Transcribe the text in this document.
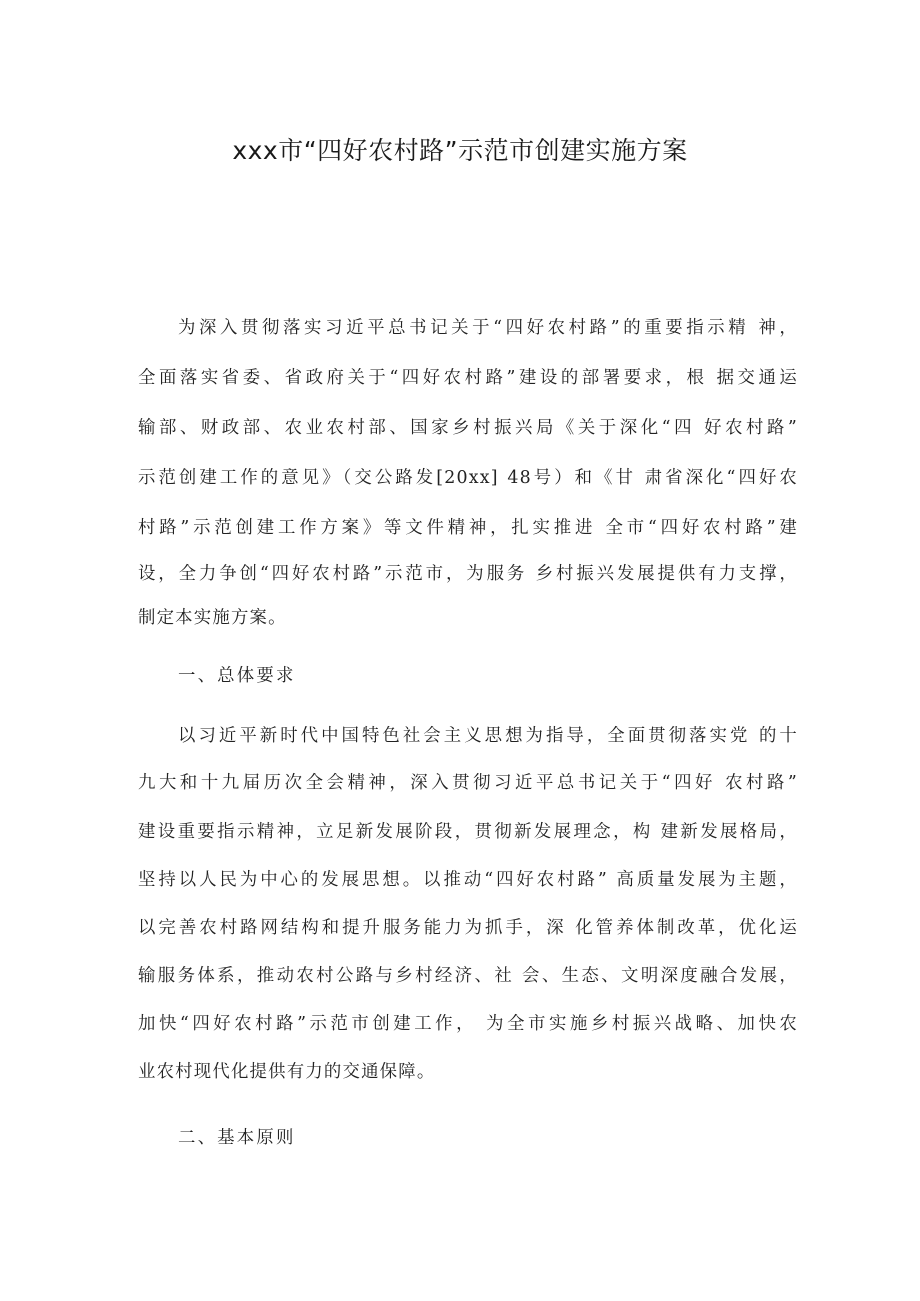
xxx市“四好农村路”示范市创建实施方案
为深入贯彻落实习近平总书记关于“四好农村路”的重要指示精 神，
全面落实省委、省政府关于“四好农村路”建设的部署要求，根 据交通运
输部、财政部、农业农村部、国家乡村振兴局《关于深化“四 好农村路”
示范创建工作的意见》（交公路发[20xx] 48号）和《甘 肃省深化“四好农
村路”示范创建工作方案》等文件精神，扎实推进 全市“四好农村路”建
设，全力争创“四好农村路”示范市，为服务 乡村振兴发展提供有力支撑，
制定本实施方案。
一、总体要求
以习近平新时代中国特色社会主义思想为指导，全面贯彻落实党 的十
九大和十九届历次全会精神，深入贯彻习近平总书记关于“四好 农村路”
建设重要指示精神，立足新发展阶段，贯彻新发展理念，构 建新发展格局，
坚持以人民为中心的发展思想。以推动“四好农村路” 高质量发展为主题，
以完善农村路网结构和提升服务能力为抓手，深 化管养体制改革，优化运
输服务体系，推动农村公路与乡村经济、社 会、生态、文明深度融合发展，
加快“四好农村路”示范市创建工作， 为全市实施乡村振兴战略、加快农
业农村现代化提供有力的交通保障。
二、基本原则
